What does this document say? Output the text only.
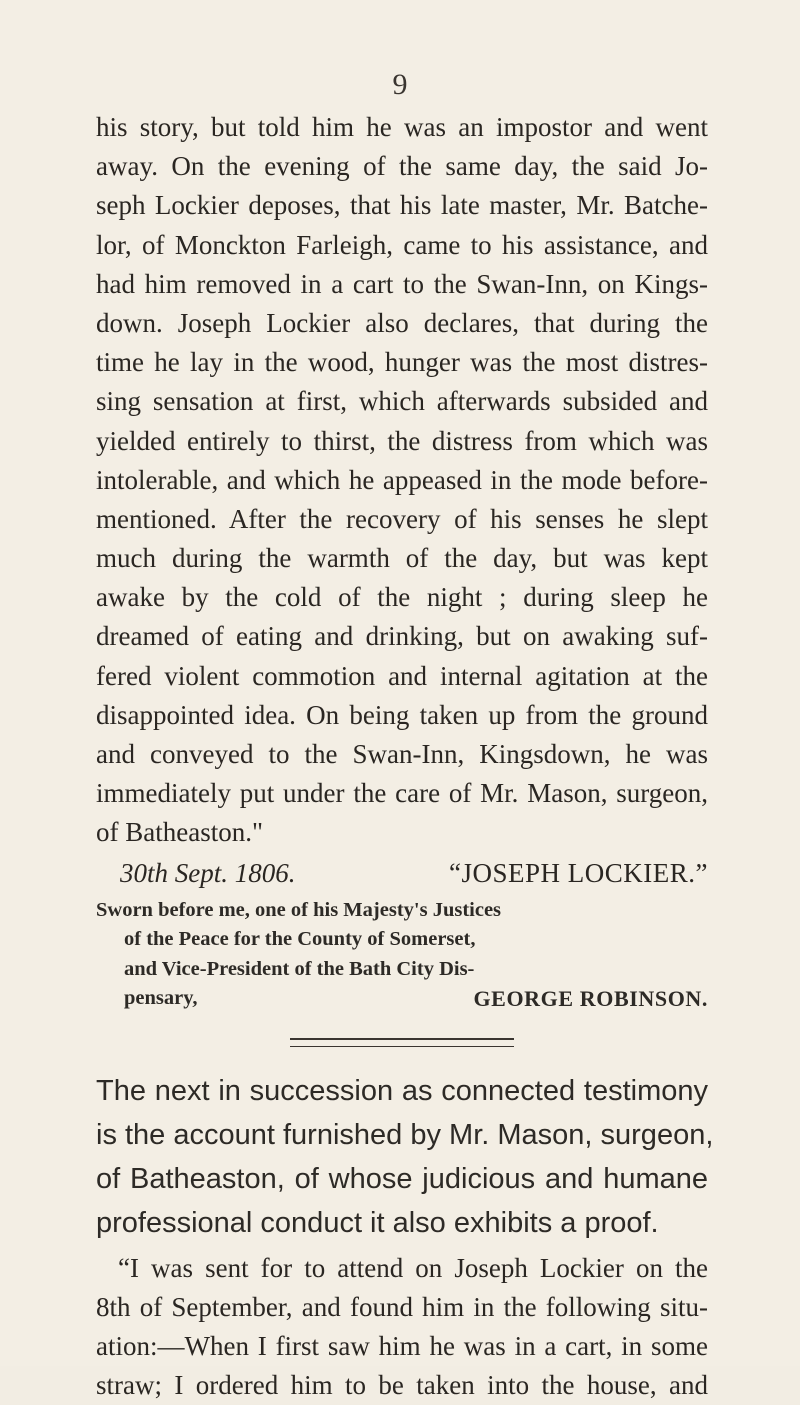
9
his story, but told him he was an impostor and went
away. On the evening of the same day, the said Jo-
seph Lockier deposes, that his late master, Mr. Batche-
lor, of Monckton Farleigh, came to his assistance, and
had him removed in a cart to the Swan-Inn, on Kings-
down. Joseph Lockier also declares, that during the
time he lay in the wood, hunger was the most distres-
sing sensation at first, which afterwards subsided and
yielded entirely to thirst, the distress from which was
intolerable, and which he appeased in the mode before-
mentioned. After the recovery of his senses he slept
much during the warmth of the day, but was kept
awake by the cold of the night ; during sleep he
dreamed of eating and drinking, but on awaking suf-
fered violent commotion and internal agitation at the
disappointed idea. On being taken up from the ground
and conveyed to the Swan-Inn, Kingsdown, he was
immediately put under the care of Mr. Mason, surgeon,
of Batheaston."
30th Sept. 1806.	“JOSEPH LOCKIER.”
Sworn before me, one of his Majesty's Justices
of the Peace for the County of Somerset,
and Vice-President of the Bath City Dis-
pensary,	GEORGE ROBINSON.
The next in succession as connected testimony
is the account furnished by Mr. Mason, surgeon,
of Batheaston, of whose judicious and humane
professional conduct it also exhibits a proof.
“I was sent for to attend on Joseph Lockier on the
8th of September, and found him in the following situ-
ation:—When I first saw him he was in a cart, in some
straw; I ordered him to be taken into the house, and
